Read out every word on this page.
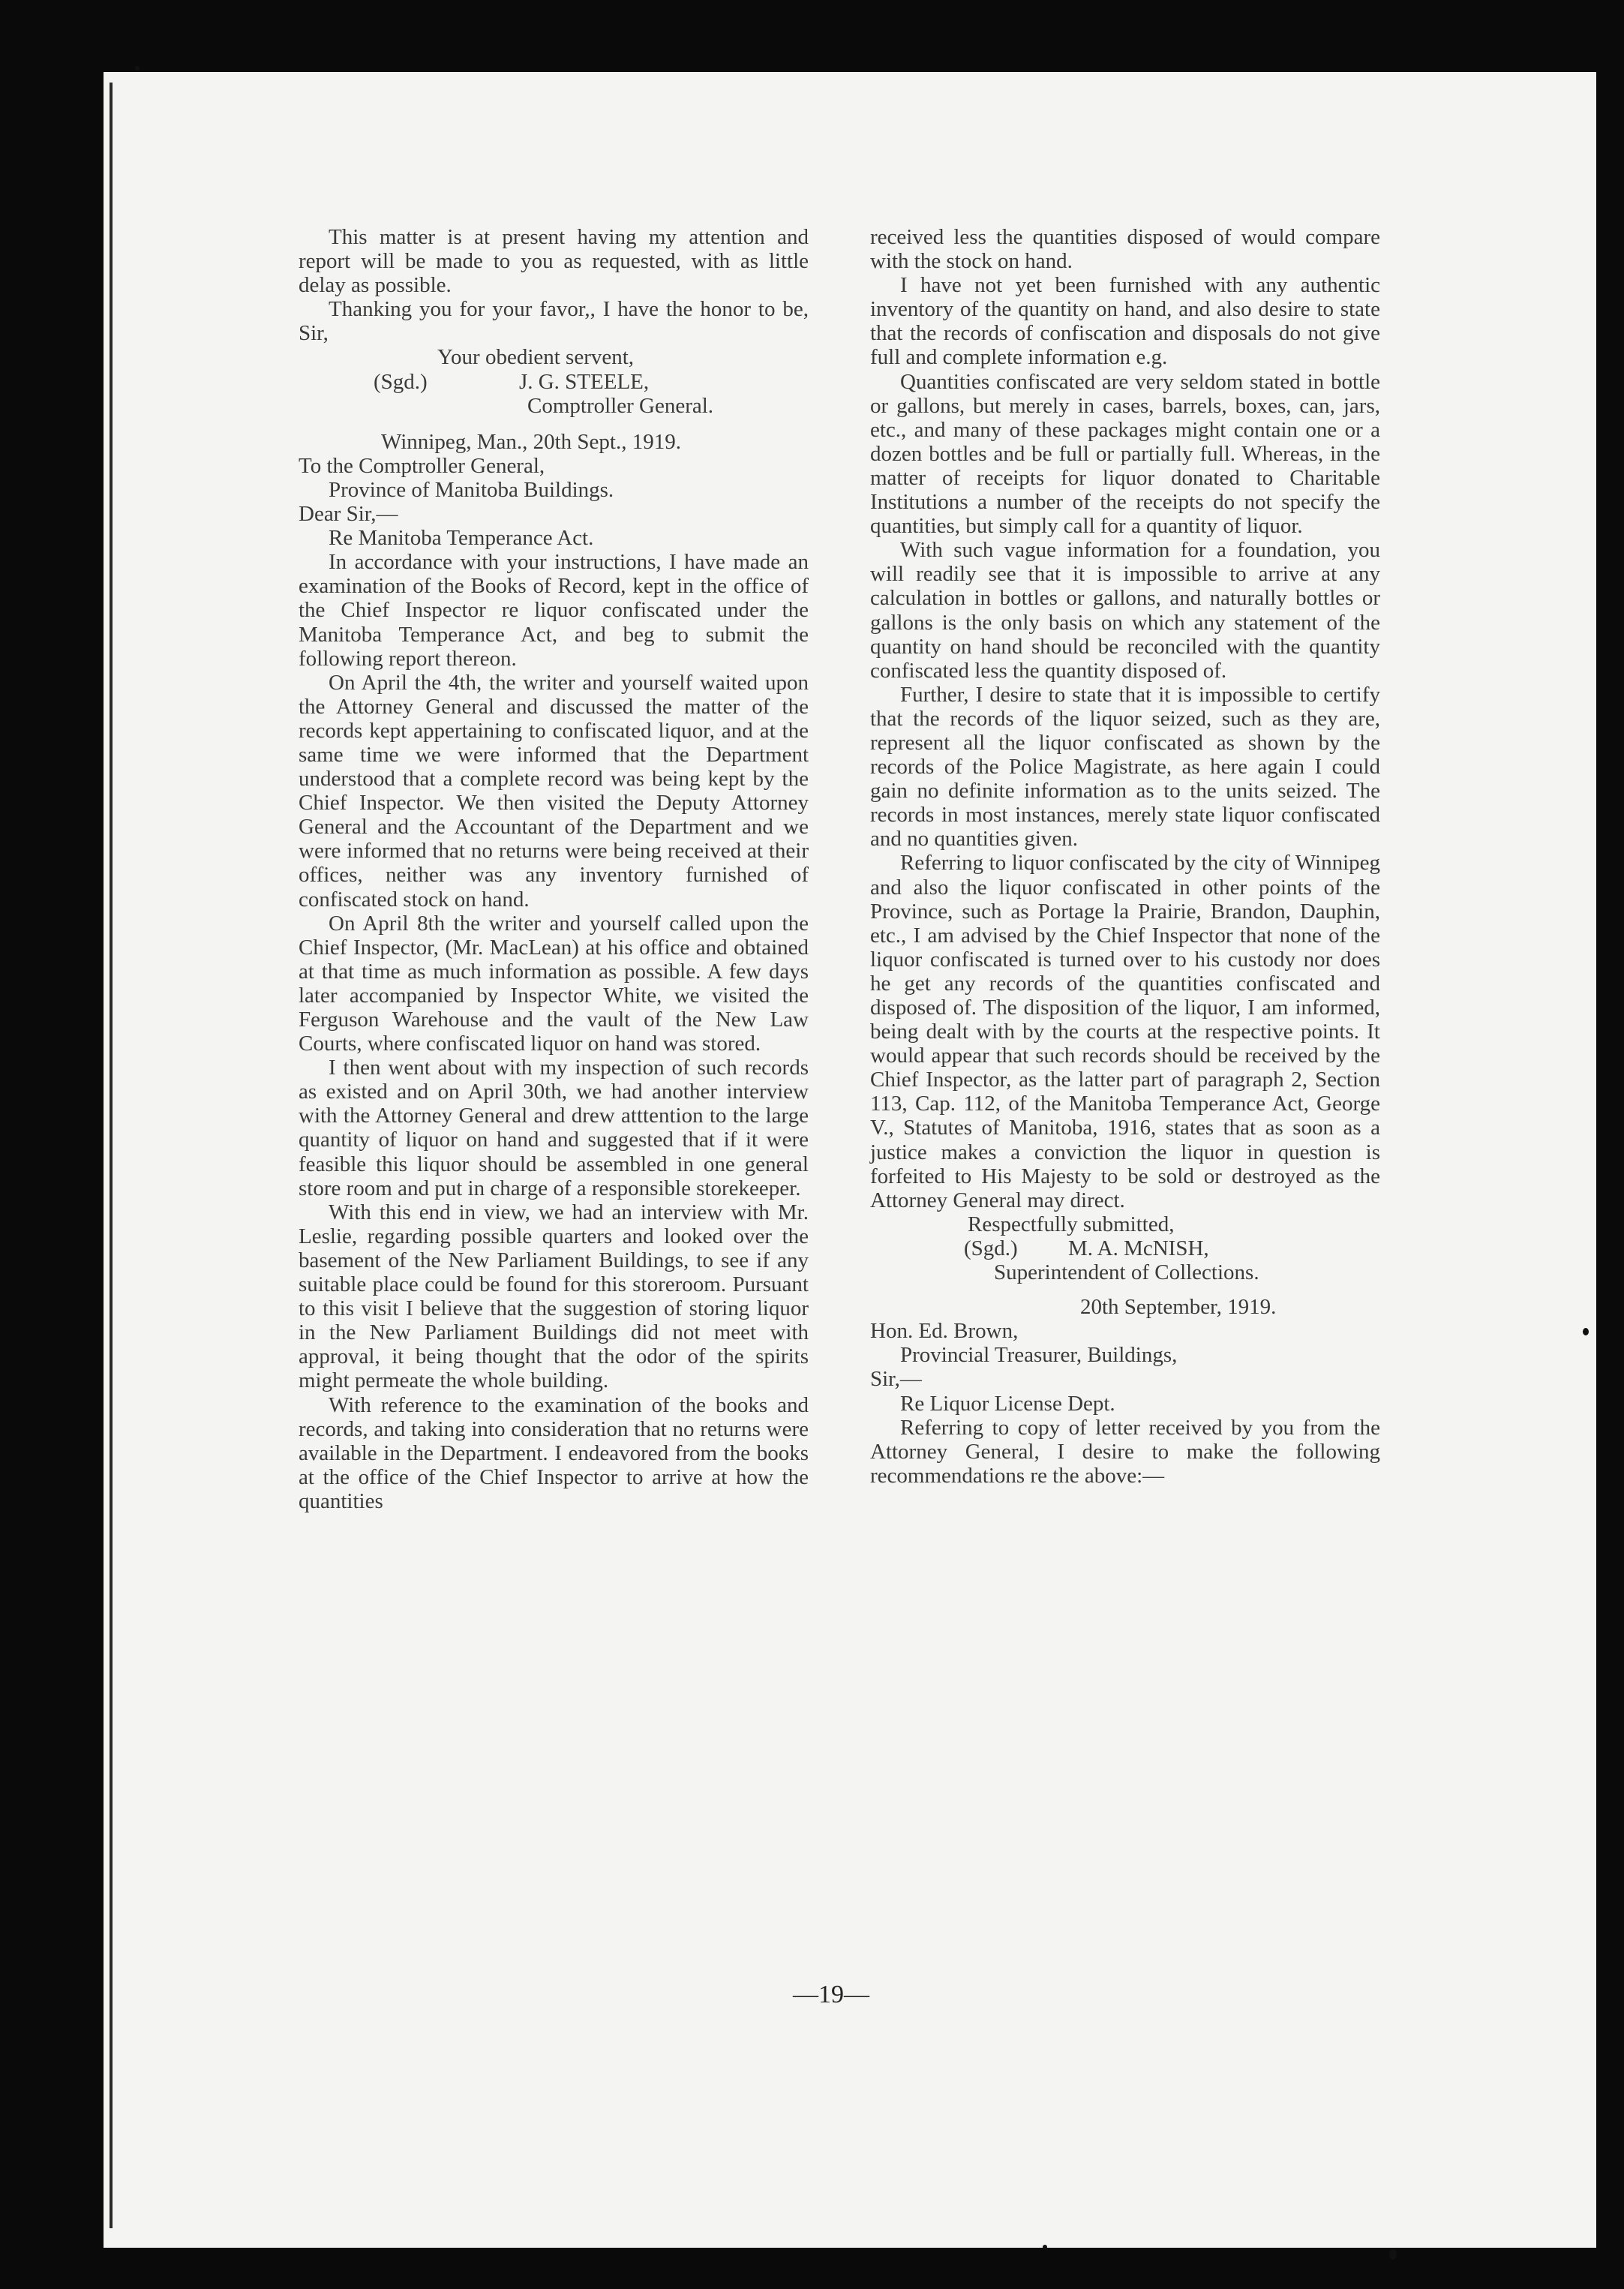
This matter is at present having my attention and report will be made to you as requested, with as little delay as possible.

Thanking you for your favor,, I have the honor to be, Sir,

Your obedient servent,
(Sgd.)	J. G. STEELE,
Comptroller General.
Winnipeg, Man., 20th Sept., 1919.
To the Comptroller General,
Province of Manitoba Buildings.
Dear Sir,—
Re Manitoba Temperance Act.

In accordance with your instructions, I have made an examination of the Books of Record, kept in the office of the Chief Inspector re liquor confiscated under the Manitoba Temperance Act, and beg to submit the following report thereon.

On April the 4th, the writer and yourself waited upon the Attorney General and discussed the matter of the records kept appertaining to confiscated liquor, and at the same time we were informed that the Department understood that a complete record was being kept by the Chief Inspector. We then visited the Deputy Attorney General and the Accountant of the Department and we were informed that no returns were being received at their offices, neither was any inventory furnished of confiscated stock on hand.

On April 8th the writer and yourself called upon the Chief Inspector, (Mr. MacLean) at his office and obtained at that time as much information as possible. A few days later accompanied by Inspector White, we visited the Ferguson Warehouse and the vault of the New Law Courts, where confiscated liquor on hand was stored.

I then went about with my inspection of such records as existed and on April 30th, we had another interview with the Attorney General and drew atttention to the large quantity of liquor on hand and suggested that if it were feasible this liquor should be assembled in one general store room and put in charge of a responsible storekeeper.

With this end in view, we had an interview with Mr. Leslie, regarding possible quarters and looked over the basement of the New Parliament Buildings, to see if any suitable place could be found for this storeroom. Pursuant to this visit I believe that the suggestion of storing liquor in the New Parliament Buildings did not meet with approval, it being thought that the odor of the spirits might permeate the whole building.

With reference to the examination of the books and records, and taking into consideration that no returns were available in the Department. I endeavored from the books at the office of the Chief Inspector to arrive at how the quantities

received less the quantities disposed of would compare with the stock on hand.

I have not yet been furnished with any authentic inventory of the quantity on hand, and also desire to state that the records of confiscation and disposals do not give full and complete information e.g.

Quantities confiscated are very seldom stated in bottle or gallons, but merely in cases, barrels, boxes, can, jars, etc., and many of these packages might contain one or a dozen bottles and be full or partially full. Whereas, in the matter of receipts for liquor donated to Charitable Institutions a number of the receipts do not specify the quantities, but simply call for a quantity of liquor.

With such vague information for a foundation, you will readily see that it is impossible to arrive at any calculation in bottles or gallons, and naturally bottles or gallons is the only basis on which any statement of the quantity on hand should be reconciled with the quantity confiscated less the quantity disposed of.

Further, I desire to state that it is impossible to certify that the records of the liquor seized, such as they are, represent all the liquor confiscated as shown by the records of the Police Magistrate, as here again I could gain no definite information as to the units seized. The records in most instances, merely state liquor confiscated and no quantities given.

Referring to liquor confiscated by the city of Winnipeg and also the liquor confiscated in other points of the Province, such as Portage la Prairie, Brandon, Dauphin, etc., I am advised by the Chief Inspector that none of the liquor confiscated is turned over to his custody nor does he get any records of the quantities confiscated and disposed of. The disposition of the liquor, I am informed, being dealt with by the courts at the respective points. It would appear that such records should be received by the Chief Inspector, as the latter part of paragraph 2, Section 113, Cap. 112, of the Manitoba Temperance Act, George V., Statutes of Manitoba, 1916, states that as soon as a justice makes a conviction the liquor in question is forfeited to His Majesty to be sold or destroyed as the Attorney General may direct.

Respectfully submitted,
(Sgd.) M. A. McNISH,
Superintendent of Collections.
20th September, 1919.
Hon. Ed. Brown,
Provincial Treasurer, Buildings,
Sir,—
Re Liquor License Dept.

Referring to copy of letter received by you from the Attorney General, I desire to make the following recommendations re the above:—

—19—
